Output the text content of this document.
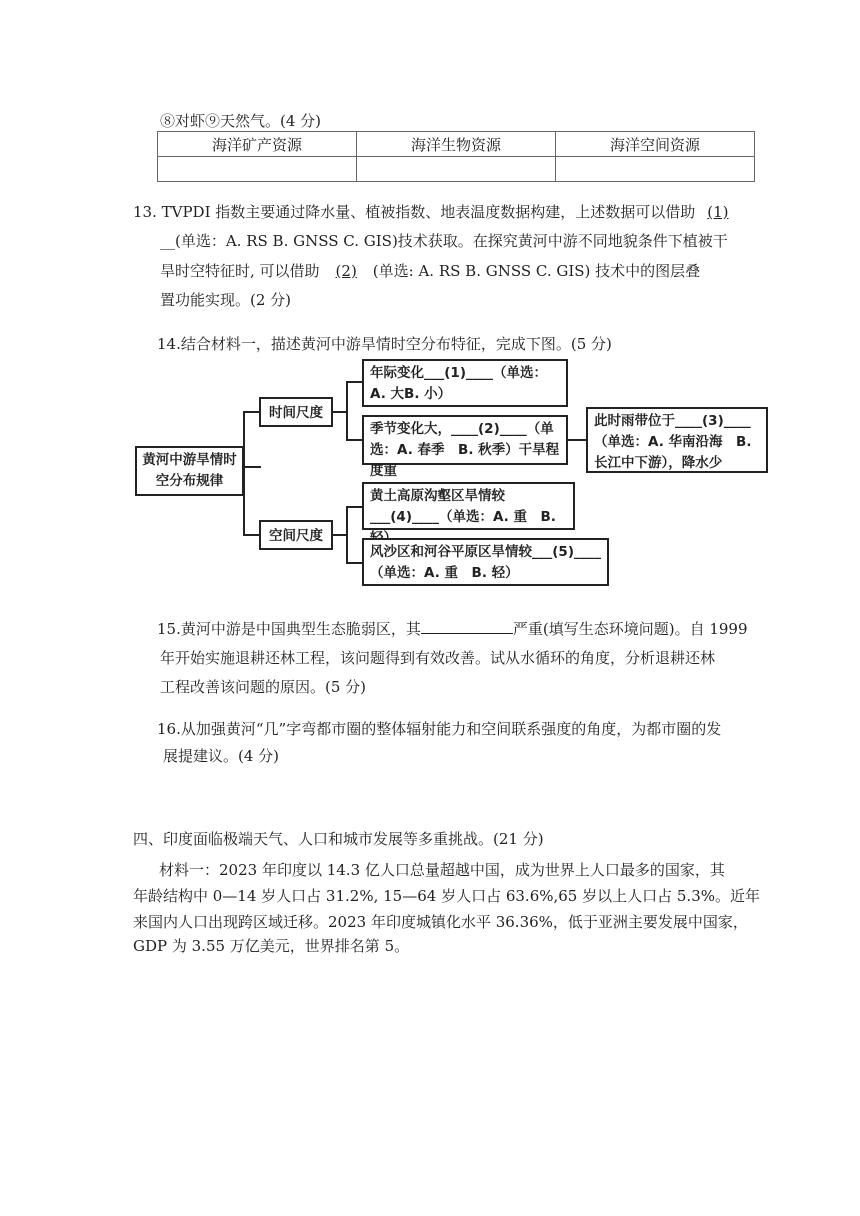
⑧对虾⑨天然气。(4 分)
海洋矿产资源	海洋生物资源	海洋空间资源

13. TVPDI 指数主要通过降水量、植被指数、地表温度数据构建，上述数据可以借助 (1)
__(单选：A. RS B. GNSS C. GIS)技术获取。在探究黄河中游不同地貌条件下植被干
旱时空特征时, 可以借助 (2) (单选: A. RS B. GNSS C. GIS) 技术中的图层叠
置功能实现。(2 分)
14.结合材料一，描述黄河中游旱情时空分布特征，完成下图。(5 分)
黄河中游旱情时空分布规律
时间尺度
空间尺度
年际变化___(1)____（单选：A. 大B. 小）
季节变化大，____(2)____（单选：A. 春季　B. 秋季）干旱程度重
此时雨带位于____(3)____（单选：A. 华南沿海　B. 长江中下游），降水少
黄土高原沟壑区旱情较___(4)____（单选：A. 重　B.
风沙区和河谷平原区旱情较___(5)____（单选：A. 重　B. 轻）
15.黄河中游是中国典型生态脆弱区，其	严重(填写生态环境问题)。自 1999
年开始实施退耕还林工程，该问题得到有效改善。试从水循环的角度，分析退耕还林
工程改善该问题的原因。(5 分)
16.从加强黄河“几”字弯都市圈的整体辐射能力和空间联系强度的角度，为都市圈的发
展提建议。(4 分)
四、印度面临极端天气、人口和城市发展等多重挑战。(21 分)
材料一：2023 年印度以 14.3 亿人口总量超越中国，成为世界上人口最多的国家，其
年龄结构中 0—14 岁人口占 31.2%, 15—64 岁人口占 63.6%,65 岁以上人口占 5.3%。近年
来国内人口出现跨区域迁移。2023 年印度城镇化水平 36.36%，低于亚洲主要发展中国家，
GDP 为 3.55 万亿美元，世界排名第 5。
